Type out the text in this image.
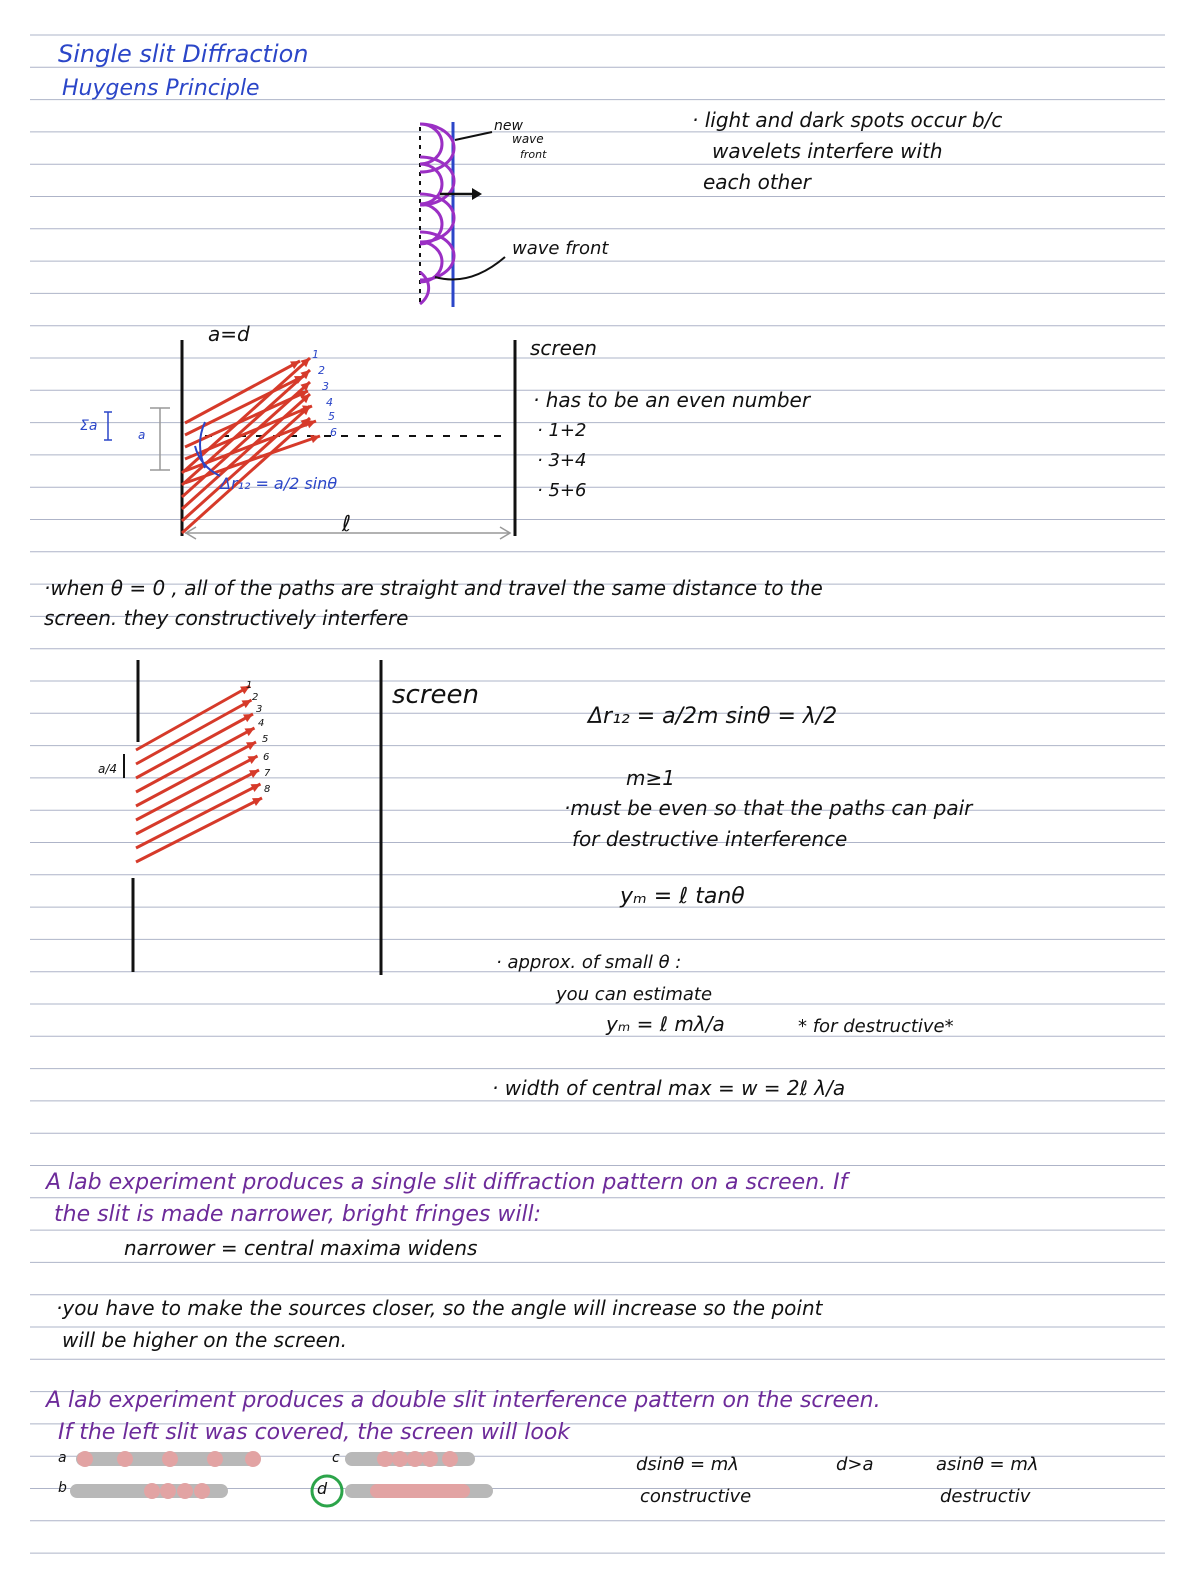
Single slit Diffraction
Huygens Principle
new
wave
front
wave front
· light and dark spots occur b/c
wavelets interfere with
each other
a=d
Σa
a
Δr₁₂ = a/2 sinθ
ℓ
1
2
3
4
5
6
screen
· has to be an even number
· 1+2
· 3+4
· 5+6
·when θ = 0 , all of the paths are straight and travel the same distance to the
screen. they constructively interfere
a/4
1
2
3
4
5
6
7
8
screen
Δr₁₂ = a/2m sinθ = λ/2
m≥1
·must be even so that the paths can pair
for destructive interference
yₘ = ℓ tanθ
· approx. of small θ :
you can estimate
yₘ = ℓ mλ/a	* for destructive*
· width of central max = w = 2ℓ λ/a
A lab experiment produces a single slit diffraction pattern on a screen. If
the slit is made narrower, bright fringes will:
narrower = central maxima widens
·you have to make the sources closer, so the angle will increase so the point
will be higher on the screen.
A lab experiment produces a double slit interference pattern on the screen.
If the left slit was covered, the screen will look
a
b
c
d
dsinθ = mλ
constructive
d>a	asinθ = mλ
destructiv
